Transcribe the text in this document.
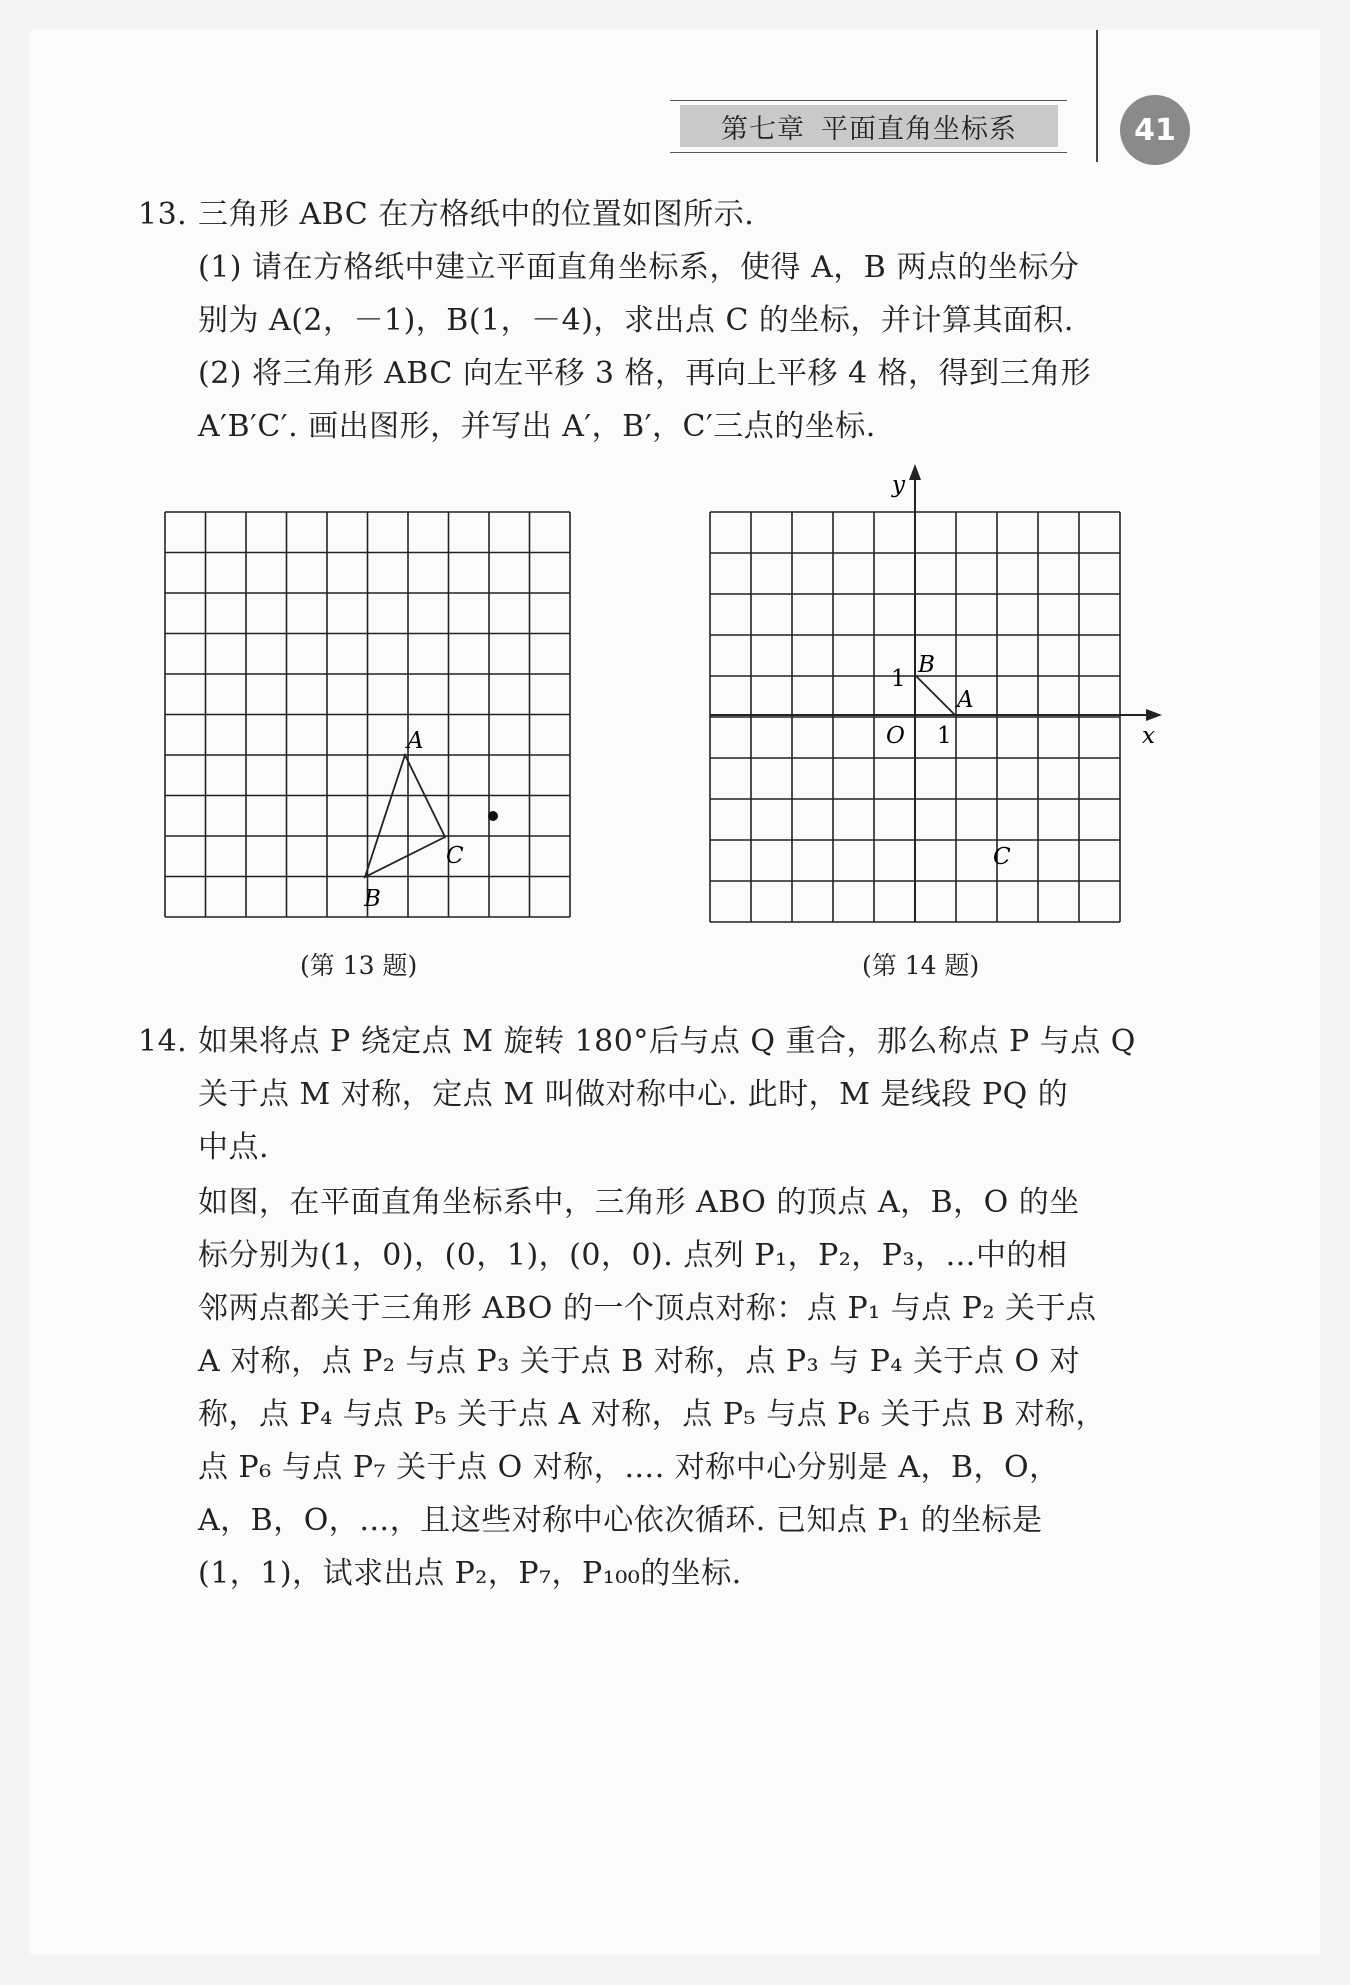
第七章 平面直角坐标系	41
13. 三角形 ABC 在方格纸中的位置如图所示.
(1) 请在方格纸中建立平面直角坐标系，使得 A，B 两点的坐标分
别为 A(2，－1)，B(1，－4)，求出点 C 的坐标，并计算其面积.
(2) 将三角形 ABC 向左平移 3 格，再向上平移 4 格，得到三角形
A′B′C′. 画出图形，并写出 A′，B′，C′三点的坐标.
A
B
C
(第 13 题)
y
x
O 1
1
B
A
C
(第 14 题)
14. 如果将点 P 绕定点 M 旋转 180°后与点 Q 重合，那么称点 P 与点 Q
关于点 M 对称，定点 M 叫做对称中心. 此时，M 是线段 PQ 的
中点.
如图，在平面直角坐标系中，三角形 ABO 的顶点 A，B，O 的坐
标分别为(1，0)，(0，1)，(0，0). 点列 P₁，P₂，P₃，…中的相
邻两点都关于三角形 ABO 的一个顶点对称：点 P₁ 与点 P₂ 关于点
A 对称，点 P₂ 与点 P₃ 关于点 B 对称，点 P₃ 与 P₄ 关于点 O 对
称，点 P₄ 与点 P₅ 关于点 A 对称，点 P₅ 与点 P₆ 关于点 B 对称，
点 P₆ 与点 P₇ 关于点 O 对称，…. 对称中心分别是 A，B，O，
A，B，O，…，且这些对称中心依次循环. 已知点 P₁ 的坐标是
(1，1)，试求出点 P₂，P₇，P₁₀₀的坐标.
